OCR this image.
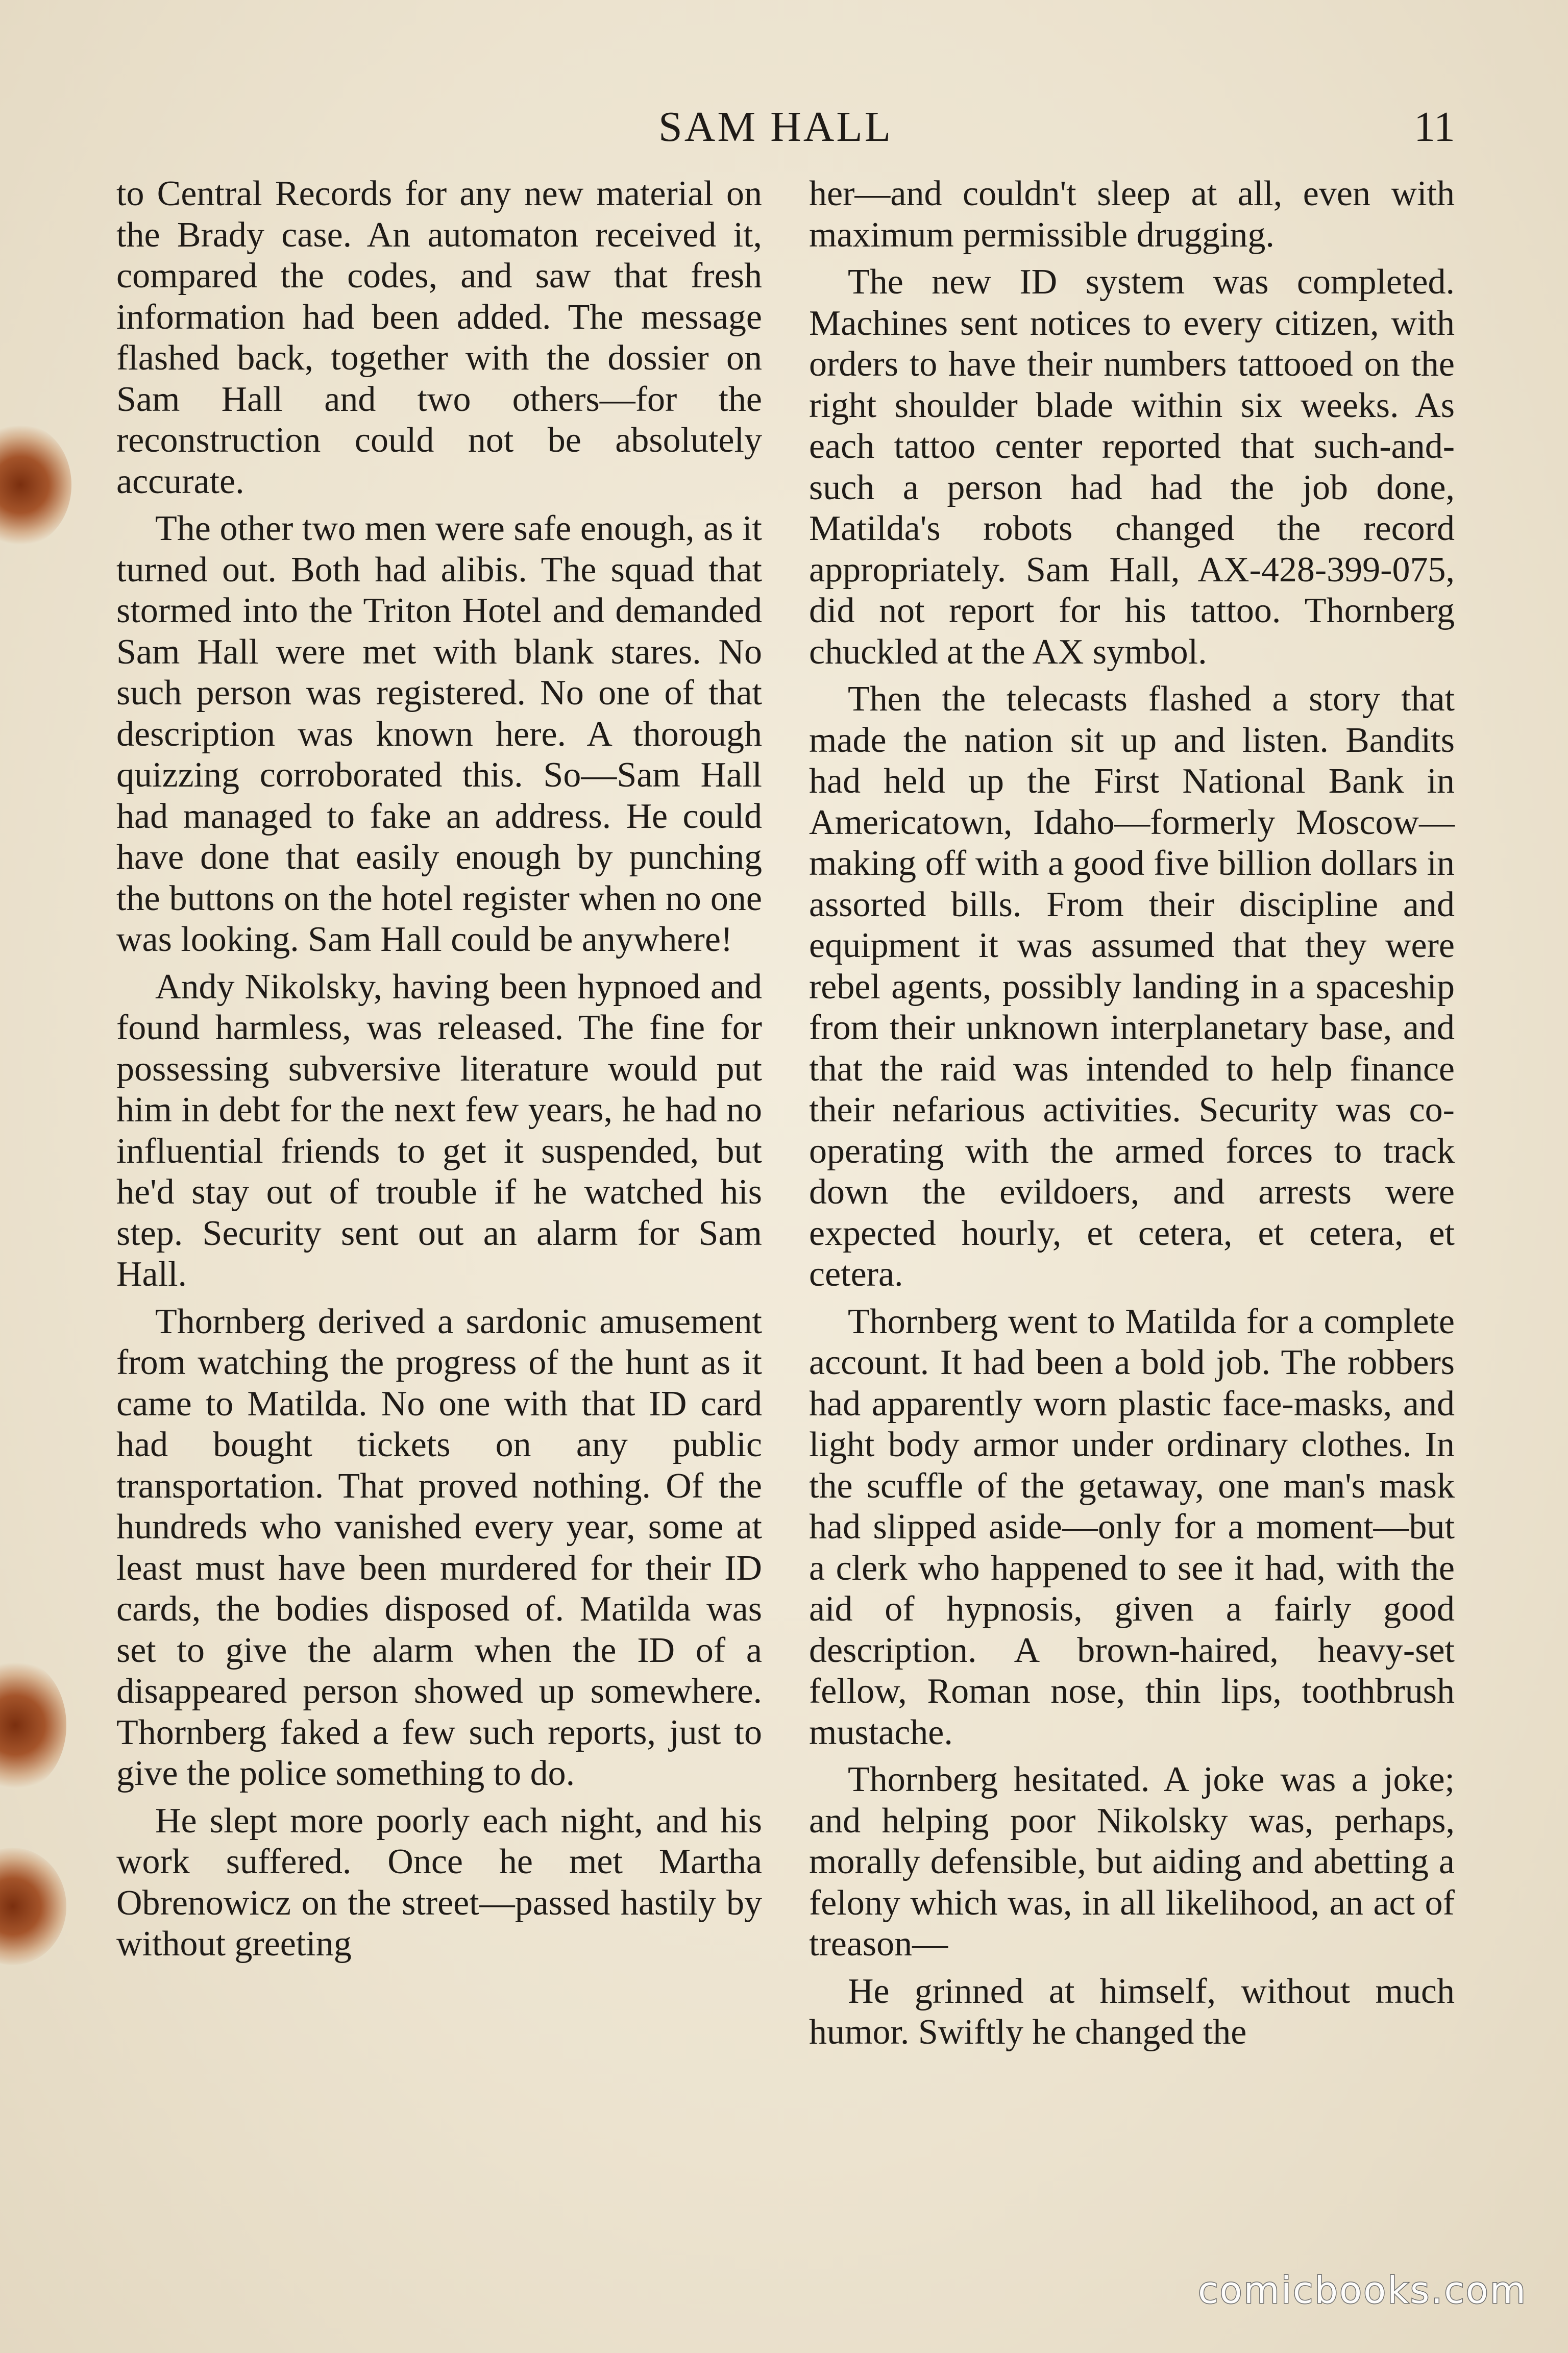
SAM HALL	11

to Central Records for any new material on the Brady case. An automaton received it, compared the codes, and saw that fresh information had been added. The message flashed back, together with the dossier on Sam Hall and two others—for the reconstruction could not be absolutely accurate.

The other two men were safe enough, as it turned out. Both had alibis. The squad that stormed into the Triton Hotel and demanded Sam Hall were met with blank stares. No such person was registered. No one of that description was known here. A thorough quizzing corroborated this. So—Sam Hall had managed to fake an address. He could have done that easily enough by punching the buttons on the hotel register when no one was looking. Sam Hall could be anywhere!

Andy Nikolsky, having been hypnoed and found harmless, was released. The fine for possessing subversive literature would put him in debt for the next few years, he had no influential friends to get it suspended, but he'd stay out of trouble if he watched his step. Security sent out an alarm for Sam Hall.

Thornberg derived a sardonic amusement from watching the progress of the hunt as it came to Matilda. No one with that ID card had bought tickets on any public transportation. That proved nothing. Of the hundreds who vanished every year, some at least must have been murdered for their ID cards, the bodies disposed of. Matilda was set to give the alarm when the ID of a disappeared person showed up somewhere. Thornberg faked a few such reports, just to give the police something to do.

He slept more poorly each night, and his work suffered. Once he met Martha Obrenowicz on the street—passed hastily by without greeting

her—and couldn't sleep at all, even with maximum permissible drugging.

The new ID system was completed. Machines sent notices to every citizen, with orders to have their numbers tattooed on the right shoulder blade within six weeks. As each tattoo center reported that such-and-such a person had had the job done, Matilda's robots changed the record appropriately. Sam Hall, AX-428-399-075, did not report for his tattoo. Thornberg chuckled at the AX symbol.

Then the telecasts flashed a story that made the nation sit up and listen. Bandits had held up the First National Bank in Americatown, Idaho—formerly Moscow—making off with a good five billion dollars in assorted bills. From their discipline and equipment it was assumed that they were rebel agents, possibly landing in a spaceship from their unknown interplanetary base, and that the raid was intended to help finance their nefarious activities. Security was co-operating with the armed forces to track down the evildoers, and arrests were expected hourly, et cetera, et cetera, et cetera.

Thornberg went to Matilda for a complete account. It had been a bold job. The robbers had apparently worn plastic face-masks, and light body armor under ordinary clothes. In the scuffle of the getaway, one man's mask had slipped aside—only for a moment—but a clerk who happened to see it had, with the aid of hypnosis, given a fairly good description. A brown-haired, heavy-set fellow, Roman nose, thin lips, toothbrush mustache.

Thornberg hesitated. A joke was a joke; and helping poor Nikolsky was, perhaps, morally defensible, but aiding and abetting a felony which was, in all likelihood, an act of treason—

He grinned at himself, without much humor. Swiftly he changed the

comicbooks.com
